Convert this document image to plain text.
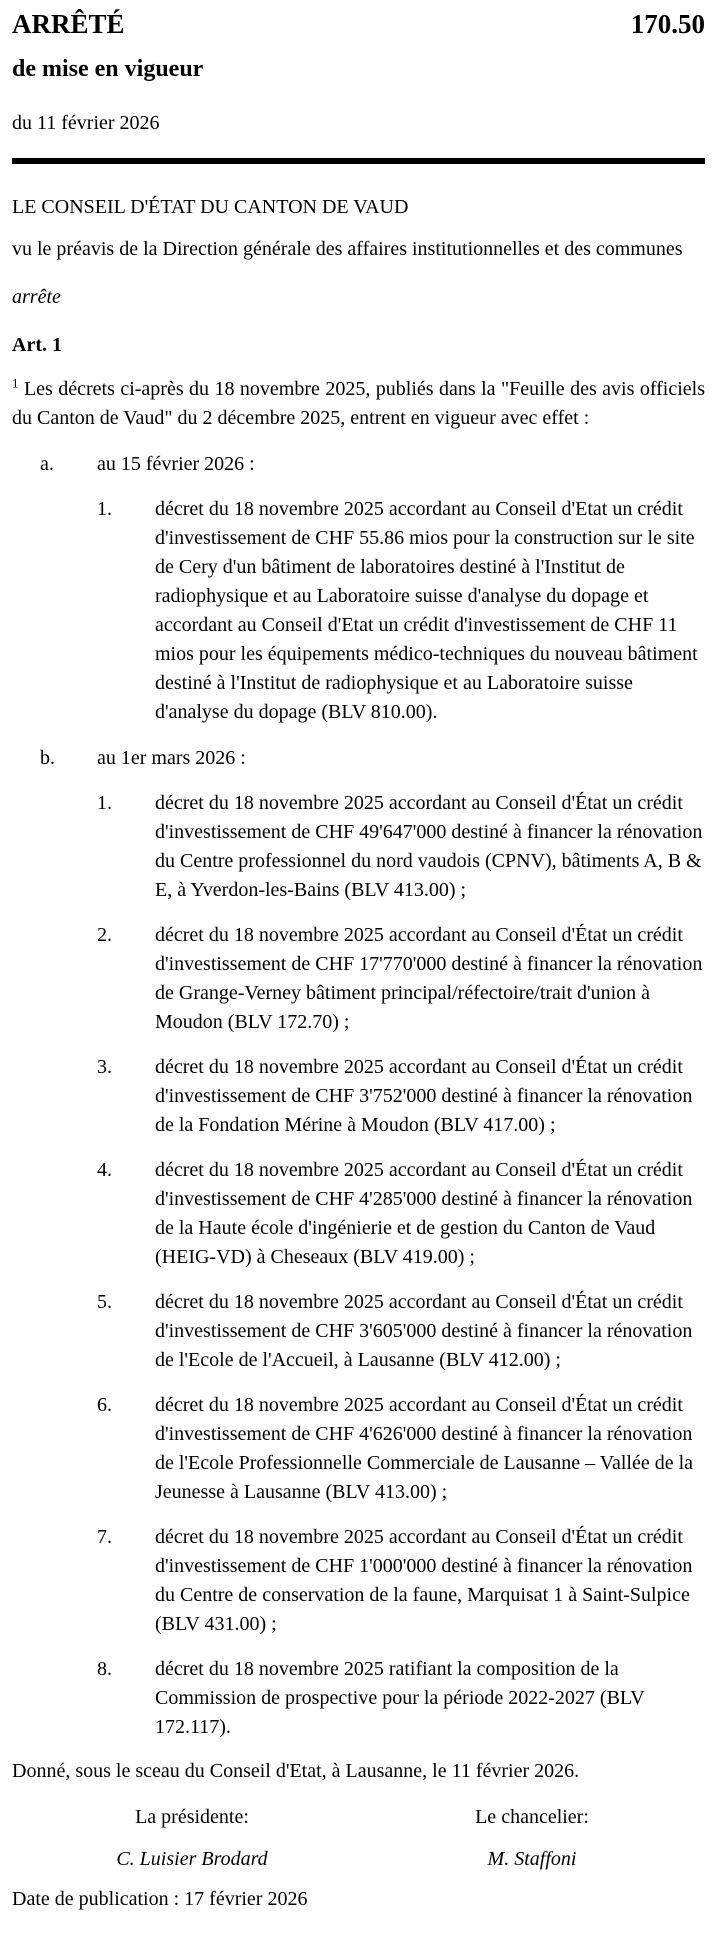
ARRÊTÉ	170.50
de mise en vigueur
du 11 février 2026
LE CONSEIL D'ÉTAT DU CANTON DE VAUD
vu le préavis de la Direction générale des affaires institutionnelles et des communes
arrête
Art. 1
$^1$ Les décrets ci-après du 18 novembre 2025, publiés dans la "Feuille des avis officiels du Canton de Vaud" du 2 décembre 2025, entrent en vigueur avec effet :
a.	au 15 février 2026 :
1.	décret du 18 novembre 2025 accordant au Conseil d'Etat un crédit d'investissement de CHF 55.86 mios pour la construction sur le site de Cery d'un bâtiment de laboratoires destiné à l'Institut de radiophysique et au Laboratoire suisse d'analyse du dopage et accordant au Conseil d'Etat un crédit d'investissement de CHF 11 mios pour les équipements médico-techniques du nouveau bâtiment destiné à l'Institut de radiophysique et au Laboratoire suisse d'analyse du dopage (BLV 810.00).
b.	au 1er mars 2026 :
1.	décret du 18 novembre 2025 accordant au Conseil d'État un crédit d'investissement de CHF 49'647'000 destiné à financer la rénovation du Centre professionnel du nord vaudois (CPNV), bâtiments A, B & E, à Yverdon-les-Bains (BLV 413.00) ;
2.	décret du 18 novembre 2025 accordant au Conseil d'État un crédit d'investissement de CHF 17'770'000 destiné à financer la rénovation de Grange-Verney bâtiment principal/réfectoire/trait d'union à Moudon (BLV 172.70) ;
3.	décret du 18 novembre 2025 accordant au Conseil d'État un crédit d'investissement de CHF 3'752'000 destiné à financer la rénovation de la Fondation Mérine à Moudon (BLV 417.00) ;
4.	décret du 18 novembre 2025 accordant au Conseil d'État un crédit d'investissement de CHF 4'285'000 destiné à financer la rénovation de la Haute école d'ingénierie et de gestion du Canton de Vaud (HEIG-VD) à Cheseaux (BLV 419.00) ;
5.	décret du 18 novembre 2025 accordant au Conseil d'État un crédit d'investissement de CHF 3'605'000 destiné à financer la rénovation de l'Ecole de l'Accueil, à Lausanne (BLV 412.00) ;
6.	décret du 18 novembre 2025 accordant au Conseil d'État un crédit d'investissement de CHF 4'626'000 destiné à financer la rénovation de l'Ecole Professionnelle Commerciale de Lausanne – Vallée de la Jeunesse à Lausanne (BLV 413.00) ;
7.	décret du 18 novembre 2025 accordant au Conseil d'État un crédit d'investissement de CHF 1'000'000 destiné à financer la rénovation du Centre de conservation de la faune, Marquisat 1 à Saint-Sulpice (BLV 431.00) ;
8.	décret du 18 novembre 2025 ratifiant la composition de la Commission de prospective pour la période 2022-2027 (BLV 172.117).
Donné, sous le sceau du Conseil d'Etat, à Lausanne, le 11 février 2026.
La présidente:
C. Luisier Brodard
Le chancelier:
M. Staffoni
Date de publication : 17 février 2026
